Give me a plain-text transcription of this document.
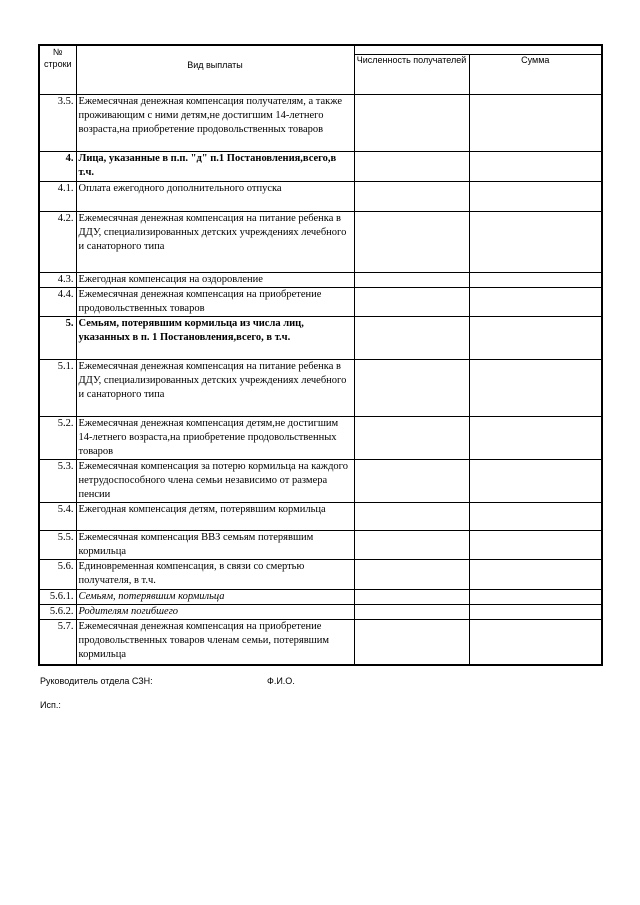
№
строки	Вид выплаты		
		Численность получателей	Сумма
3.5.	Ежемесячная денежная компенсация получателям, а также проживающим с ними детям,не достигшим 14-летнего возраста,на приобретение продовольственных товаров		
4.	Лица, указанные в п.п. "д" п.1 Постановления,всего,в т.ч.		
4.1.	Оплата ежегодного дополнительного отпуска		
4.2.	Ежемесячная денежная компенсация на питание ребенка в ДДУ, специализированных детских учреждениях лечебного и санаторного типа		
4.3.	Ежегодная компенсация на оздоровление		
4.4.	Ежемесячная денежная компенсация на приобретение продовольственных товаров		
5.	Семьям, потерявшим кормильца из числа лиц, указанных в п. 1 Постановления,всего, в т.ч.		
5.1.	Ежемесячная денежная компенсация на питание ребенка в ДДУ, специализированных детских учреждениях лечебного и санаторного типа		
5.2.	Ежемесячная денежная компенсация детям,не достигшим 14-летнего возраста,на приобретение продовольственных товаров		
5.3.	Ежемесячная компенсация за потерю кормильца на каждого нетрудоспособного члена семьи независимо от размера пенсии		
5.4.	Ежегодная компенсация детям, потерявшим кормильца		
5.5.	Ежемесячная компенсация ВВЗ семьям потерявшим кормильца		
5.6.	Единовременная компенсация, в связи со смертью получателя, в т.ч.		
5.6.1.	Семьям, потерявшим кормильца		
5.6.2.	Родителям погибшего		
5.7.	Ежемесячная денежная компенсация на приобретение продовольственных товаров членам семьи, потерявшим кормильца		
Руководитель отдела СЗН:	Ф.И.О.
Исп.:
